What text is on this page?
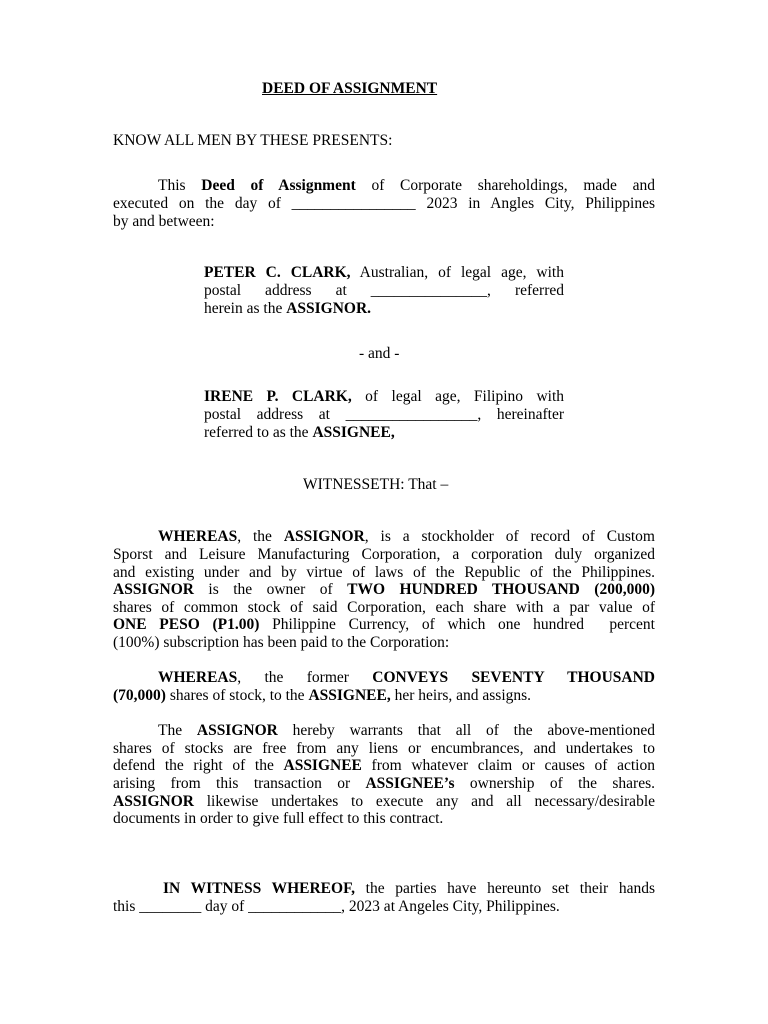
DEED OF ASSIGNMENT
KNOW ALL MEN BY THESE PRESENTS:
This Deed of Assignment of Corporate shareholdings, made and
executed on the day of ________________ 2023 in Angles City, Philippines
by and between:
PETER C. CLARK, Australian, of legal age, with
postal address at _______________, referred
herein as the ASSIGNOR.
- and -
IRENE P. CLARK, of legal age, Filipino with
postal address at _________________, hereinafter
referred to as the ASSIGNEE,
WITNESSETH: That –
WHEREAS, the ASSIGNOR, is a stockholder of record of Custom
Sporst and Leisure Manufacturing Corporation, a corporation duly organized
and existing under and by virtue of laws of the Republic of the Philippines.
ASSIGNOR is the owner of TWO HUNDRED THOUSAND (200,000)
shares of common stock of said Corporation, each share with a par value of
ONE PESO (P1.00) Philippine Currency, of which one hundred  percent
(100%) subscription has been paid to the Corporation:
WHEREAS, the former CONVEYS SEVENTY THOUSAND
(70,000) shares of stock, to the ASSIGNEE, her heirs, and assigns.
The ASSIGNOR hereby warrants that all of the above-mentioned
shares of stocks are free from any liens or encumbrances, and undertakes to
defend the right of the ASSIGNEE from whatever claim or causes of action
arising from this transaction or ASSIGNEE’s ownership of the shares.
ASSIGNOR likewise undertakes to execute any and all necessary/desirable
documents in order to give full effect to this contract.
IN WITNESS WHEREOF, the parties have hereunto set their hands
this ________ day of ____________, 2023 at Angeles City, Philippines.
